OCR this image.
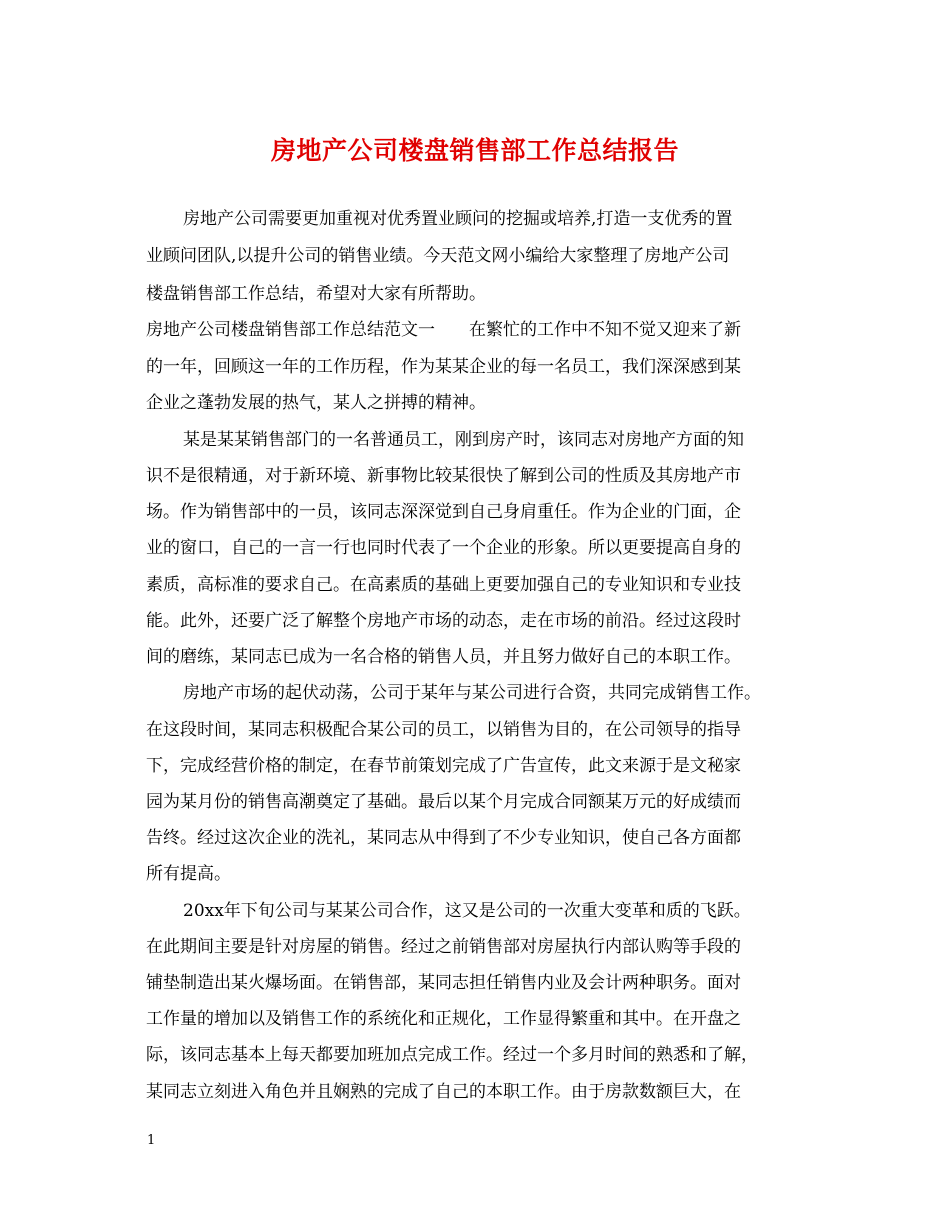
房地产公司楼盘销售部工作总结报告
房地产公司需要更加重视对优秀置业顾问的挖掘或培养,打造一支优秀的置
业顾问团队,以提升公司的销售业绩。今天范文网小编给大家整理了房地产公司
楼盘销售部工作总结，希望对大家有所帮助。
房地产公司楼盘销售部工作总结范文一　　在繁忙的工作中不知不觉又迎来了新
的一年，回顾这一年的工作历程，作为某某企业的每一名员工，我们深深感到某
企业之蓬勃发展的热气，某人之拼搏的精神。
某是某某销售部门的一名普通员工，刚到房产时，该同志对房地产方面的知
识不是很精通，对于新环境、新事物比较某很快了解到公司的性质及其房地产市
场。作为销售部中的一员，该同志深深觉到自己身肩重任。作为企业的门面，企
业的窗口，自己的一言一行也同时代表了一个企业的形象。所以更要提高自身的
素质，高标准的要求自己。在高素质的基础上更要加强自己的专业知识和专业技
能。此外，还要广泛了解整个房地产市场的动态，走在市场的前沿。经过这段时
间的磨练，某同志已成为一名合格的销售人员，并且努力做好自己的本职工作。
房地产市场的起伏动荡，公司于某年与某公司进行合资，共同完成销售工作。
在这段时间，某同志积极配合某公司的员工，以销售为目的，在公司领导的指导
下，完成经营价格的制定，在春节前策划完成了广告宣传，此文来源于是文秘家
园为某月份的销售高潮奠定了基础。最后以某个月完成合同额某万元的好成绩而
告终。经过这次企业的洗礼，某同志从中得到了不少专业知识，使自己各方面都
所有提高。
20xx年下旬公司与某某公司合作，这又是公司的一次重大变革和质的飞跃。
在此期间主要是针对房屋的销售。经过之前销售部对房屋执行内部认购等手段的
铺垫制造出某火爆场面。在销售部，某同志担任销售内业及会计两种职务。面对
工作量的增加以及销售工作的系统化和正规化，工作显得繁重和其中。在开盘之
际，该同志基本上每天都要加班加点完成工作。经过一个多月时间的熟悉和了解，
某同志立刻进入角色并且娴熟的完成了自己的本职工作。由于房款数额巨大，在
1
